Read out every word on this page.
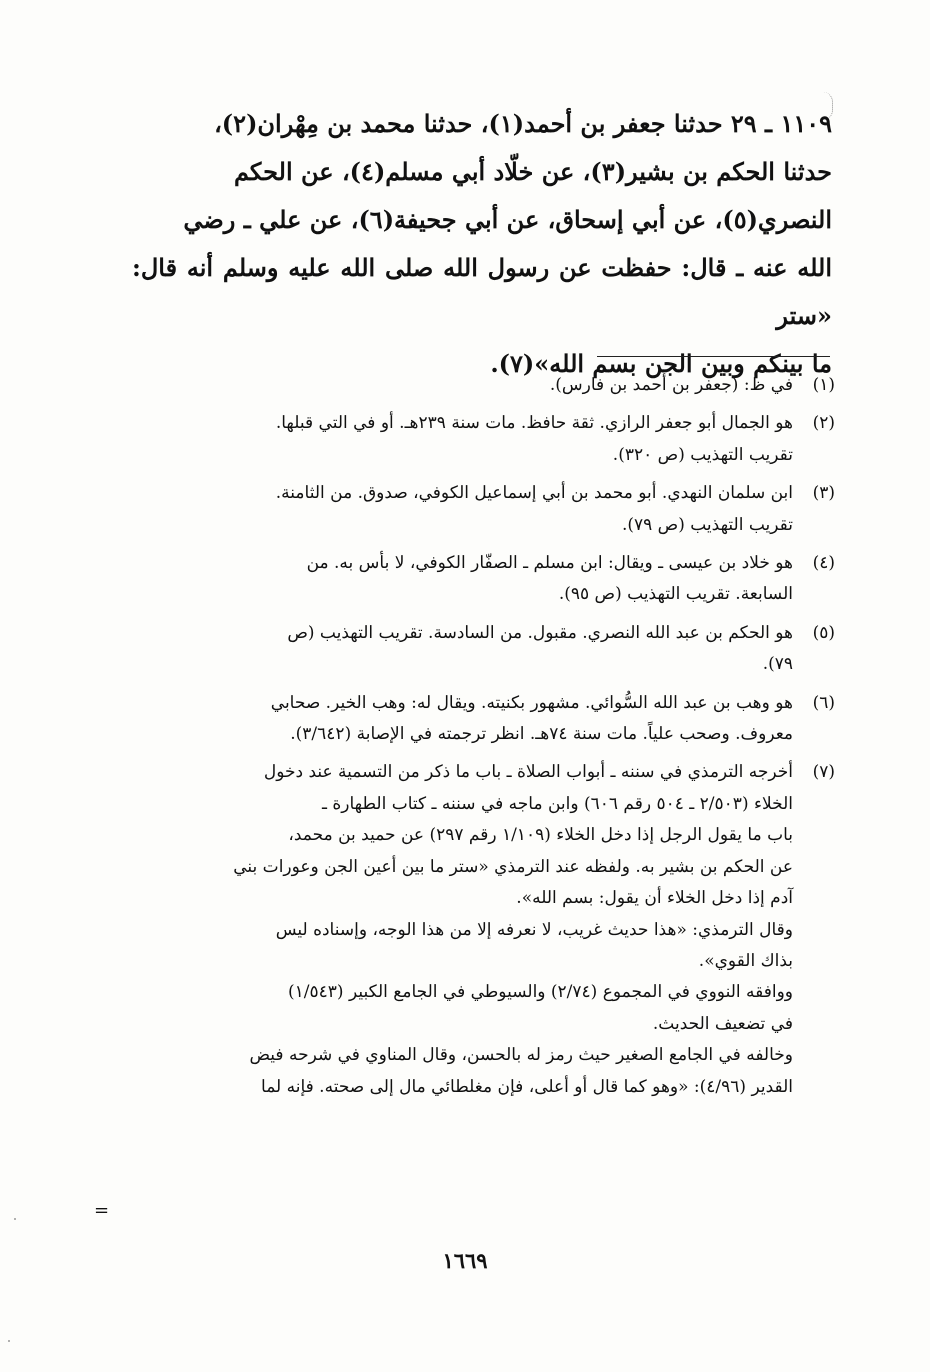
١١٠٩ ـ ٢٩ حدثنا جعفر بن أحمد(١)، حدثنا محمد بن مِهْران(٢)،

حدثنا الحكم بن بشير(٣)، عن خلّاد أبي مسلم(٤)، عن الحكم

النصري(٥)، عن أبي إسحاق، عن أبي جحيفة(٦)، عن علي ـ رضي

الله عنه ـ قال: حفظت عن رسول الله صلى الله عليه وسلم أنه قال: «ستر

ما بينكم وبين الجن بسم الله»(٧).

(١)

في ظ: (جعفر بن أحمد بن فارس).

(٢)

هو الجمال أبو جعفر الرازي. ثقة حافظ. مات سنة ٢٣٩هـ. أو في التي قبلها.

تقريب التهذيب (ص ٣٢٠).

(٣)

ابن سلمان النهدي. أبو محمد بن أبي إسماعيل الكوفي، صدوق. من الثامنة.

تقريب التهذيب (ص ٧٩).

(٤)

هو خلاد بن عيسى ـ ويقال: ابن مسلم ـ الصفّار الكوفي، لا بأس به. من

السابعة. تقريب التهذيب (ص ٩٥).

(٥)

هو الحكم بن عبد الله النصري. مقبول. من السادسة. تقريب التهذيب (ص

٧٩).

(٦)

هو وهب بن عبد الله السُّوائي. مشهور بكنيته. ويقال له: وهب الخير. صحابي

معروف. وصحب علياً. مات سنة ٧٤هـ. انظر ترجمته في الإصابة (٣/٦٤٢).

(٧)

أخرجه الترمذي في سننه ـ أبواب الصلاة ـ باب ما ذكر من التسمية عند دخول

الخلاء (٢/٥٠٣ ـ ٥٠٤ رقم ٦٠٦) وابن ماجه في سننه ـ كتاب الطهارة ـ

باب ما يقول الرجل إذا دخل الخلاء (١/١٠٩ رقم ٢٩٧) عن حميد بن محمد،

عن الحكم بن بشير به. ولفظه عند الترمذي «ستر ما بين أعين الجن وعورات بني

آدم إذا دخل الخلاء أن يقول: بسم الله».

وقال الترمذي: «هذا حديث غريب، لا نعرفه إلا من هذا الوجه، وإسناده ليس

بذاك القوي».

ووافقه النووي في المجموع (٢/٧٤) والسيوطي في الجامع الكبير (١/٥٤٣)

في تضعيف الحديث.

وخالفه في الجامع الصغير حيث رمز له بالحسن، وقال المناوي في شرحه فيض

القدير (٤/٩٦): «وهو كما قال أو أعلى، فإن مغلطائي مال إلى صحته. فإنه لما

=
١٦٦٩
